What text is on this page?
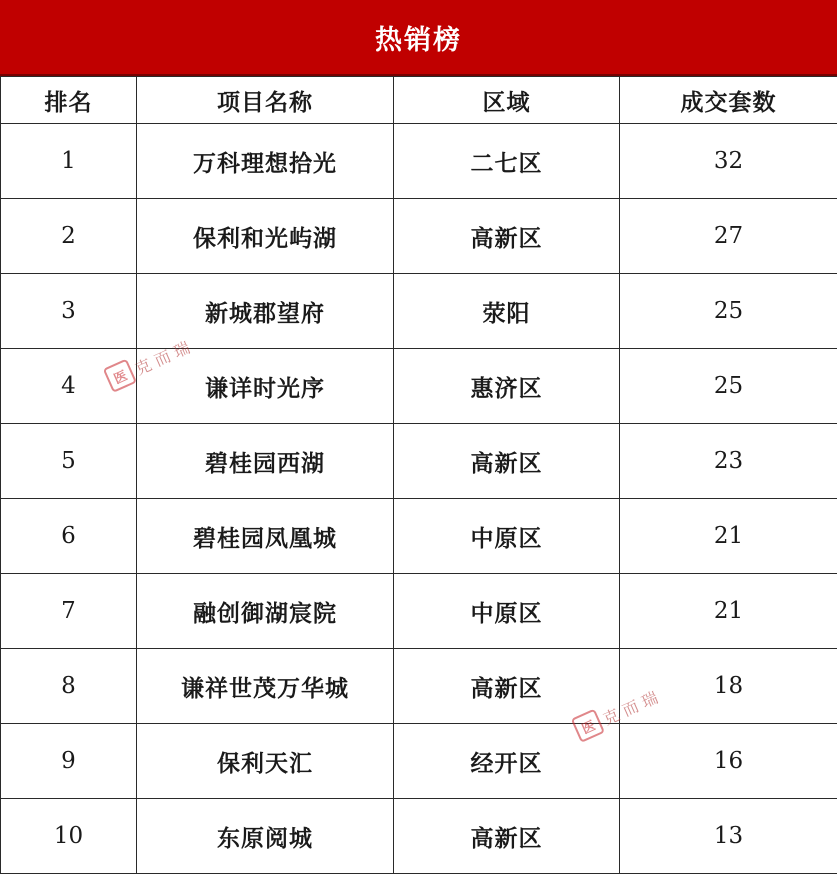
热销榜
排名	项目名称	区域	成交套数
1	万科理想拾光	二七区	32
2	保利和光屿湖	高新区	27
3	新城郡望府	荥阳	25
4	谦详时光序	惠济区	25
5	碧桂园西湖	高新区	23
6	碧桂园凤凰城	中原区	21
7	融创御湖宸院	中原区	21
8	谦祥世茂万华城	高新区	18
9	保利天汇	经开区	16
10	东原阅城	高新区	13
医 克而瑞
医 克而瑞
